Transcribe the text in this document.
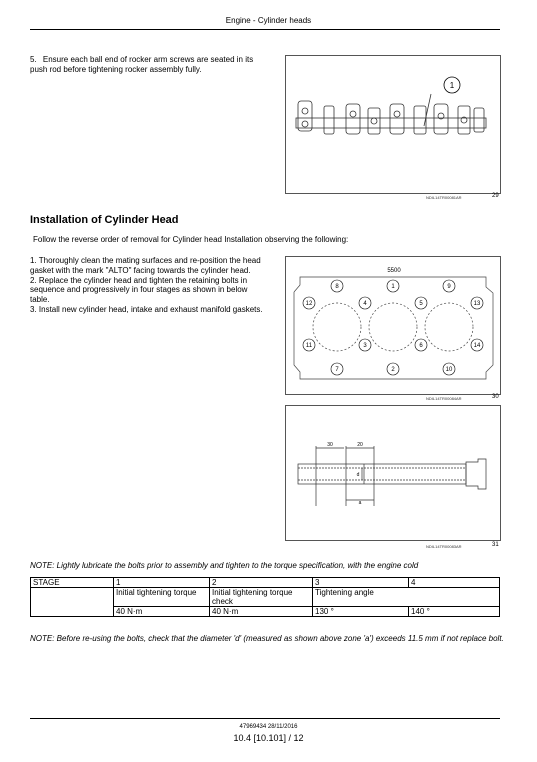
Engine - Cylinder heads
5.  Ensure each ball end of rocker arm screws are seated in its push rod before tightening rocker assembly fully.
1
NDIL14TR00081AR	29
Installation of Cylinder Head
Follow the reverse order of removal for Cylinder head Installation observing the following:
1. Thoroughly clean the mating surfaces and re-position the head gasket with the mark "ALTO" facing towards the cylinder head.
2. Replace the cylinder head and tighten the retaining bolts in sequence and progressively in four stages as shown in below table.
3. Install new cylinder head, intake and exhaust manifold gaskets.
5500
8	1	9
12	4	5	13
11	3	6	14
7	2	10
NDIL14TR00084AR	30
30	20
d
a
NDIL14TR00083AR	31
NOTE: Lightly lubricate the bolts prior to assembly and tighten to the torque specification, with the engine cold
STAGE	1	2	3	4
	Initial tightening torque	Initial tightening torque check	Tightening angle	
	40 N·m	40 N·m	130 °	140 °
NOTE: Before re-using the bolts, check that the diameter 'd' (measured as shown above zone 'a') exceeds 11.5 mm if not replace bolt.
47969434 28/11/2016
10.4 [10.101] / 12
